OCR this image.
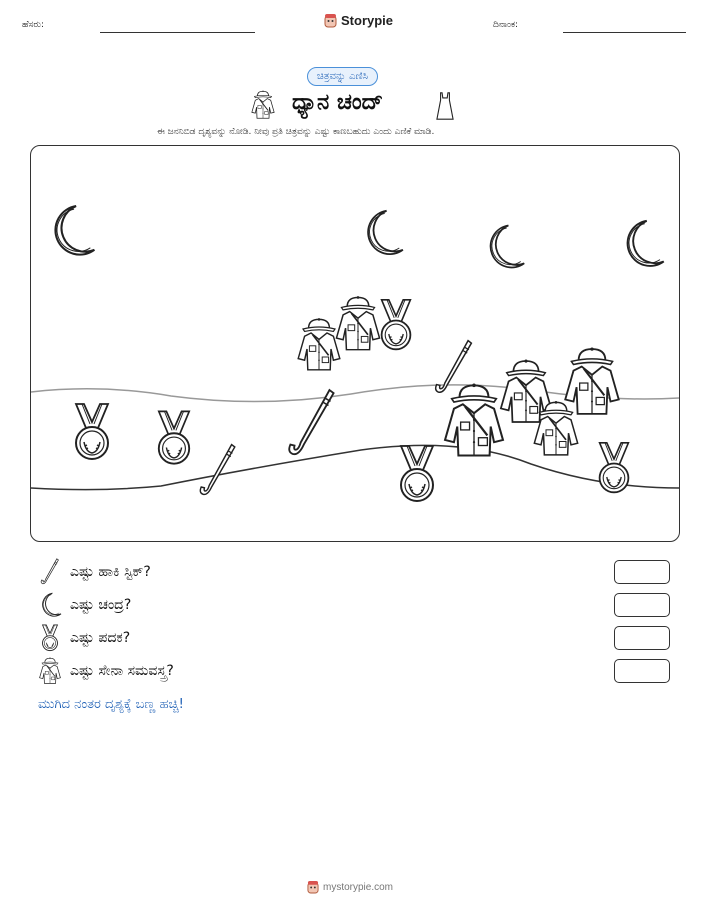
ಹೆಸರು:	Storypie	ದಿನಾಂಕ:
ಚಿತ್ರವನ್ನು ಎಣಿಸಿ
ಧ್ಯಾನ ಚಂದ್
ಈ ಜನನಿಬಿಡ ದೃಶ್ಯವನ್ನು ನೋಡಿ. ನೀವು ಪ್ರತಿ ಚಿತ್ರವನ್ನು ಎಷ್ಟು ಕಾಣಬಹುದು ಎಂದು ಎಣಿಕೆ ಮಾಡಿ.
ಎಷ್ಟು ಹಾಕಿ ಸ್ಟಿಕ್?
ಎಷ್ಟು ಚಂದ್ರ?
ಎಷ್ಟು ಪದಕ?
ಎಷ್ಟು ಸೇನಾ ಸಮವಸ್ತ್ರ?
ಮುಗಿದ ನಂತರ ದೃಶ್ಯಕ್ಕೆ ಬಣ್ಣ ಹಚ್ಚಿ!
mystorypie.com
